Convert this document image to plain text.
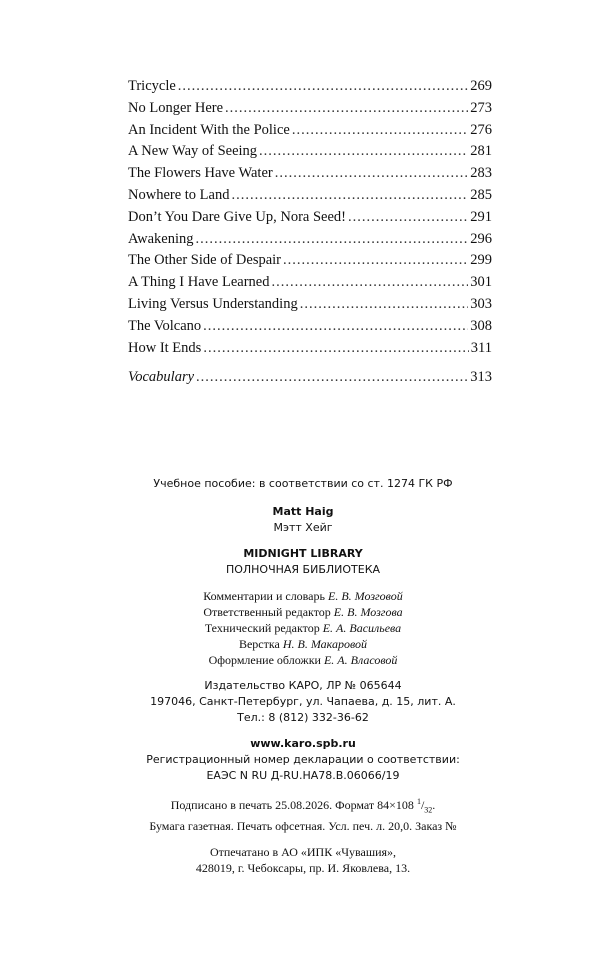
Tricycle .....	269
No Longer Here .....	273
An Incident With the Police .....	276
A New Way of Seeing .....	281
The Flowers Have Water .....	283
Nowhere to Land .....	285
Don’t You Dare Give Up, Nora Seed! .....	291
Awakening .....	296
The Other Side of Despair .....	299
A Thing I Have Learned .....	301
Living Versus Understanding .....	303
The Volcano .....	308
How It Ends .....	311
Vocabulary .....	313
Учебное пособие: в соответствии со ст. 1274 ГК РФ
Matt Haig
Мэтт Хейг
MIDNIGHT LIBRARY
ПОЛНОЧНАЯ БИБЛИОТЕКА
Комментарии и словарь Е. В. Мозговой
Ответственный редактор Е. В. Мозгова
Технический редактор Е. А. Васильева
Верстка Н. В. Макаровой
Оформление обложки Е. А. Власовой
Издательство КАРО, ЛР № 065644
197046, Санкт-Петербург, ул. Чапаева, д. 15, лит. А.
Тел.: 8 (812) 332-36-62
www.karo.spb.ru
Регистрационный номер декларации о соответствии:
ЕАЭС N RU Д-RU.НА78.В.06066/19
Подписано в печать 25.08.2026. Формат 84×108 $^1/_{32}$.
Бумага газетная. Печать офсетная. Усл. печ. л. 20,0. Заказ №
Отпечатано в АО «ИПК «Чувашия»,
428019, г. Чебоксары, пр. И. Яковлева, 13.
